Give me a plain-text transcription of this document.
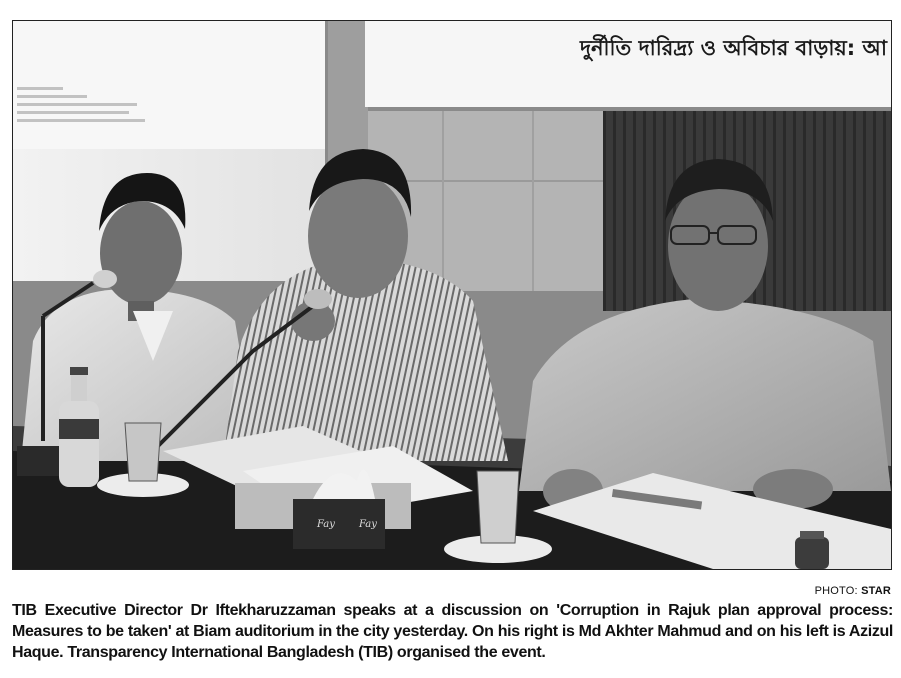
দুর্নীতি দারিদ্র্য ও অবিচার বাড়ায়: আ
Fay Fay
PHOTO: STAR

TIB Executive Director Dr Iftekharuzzaman speaks at a discussion on 'Corruption in Rajuk plan approval process: Measures to be taken' at Biam auditorium in the city yesterday. On his right is Md Akhter Mahmud and on his left is Azizul Haque. Transparency International Bangladesh (TIB) organised the event.
